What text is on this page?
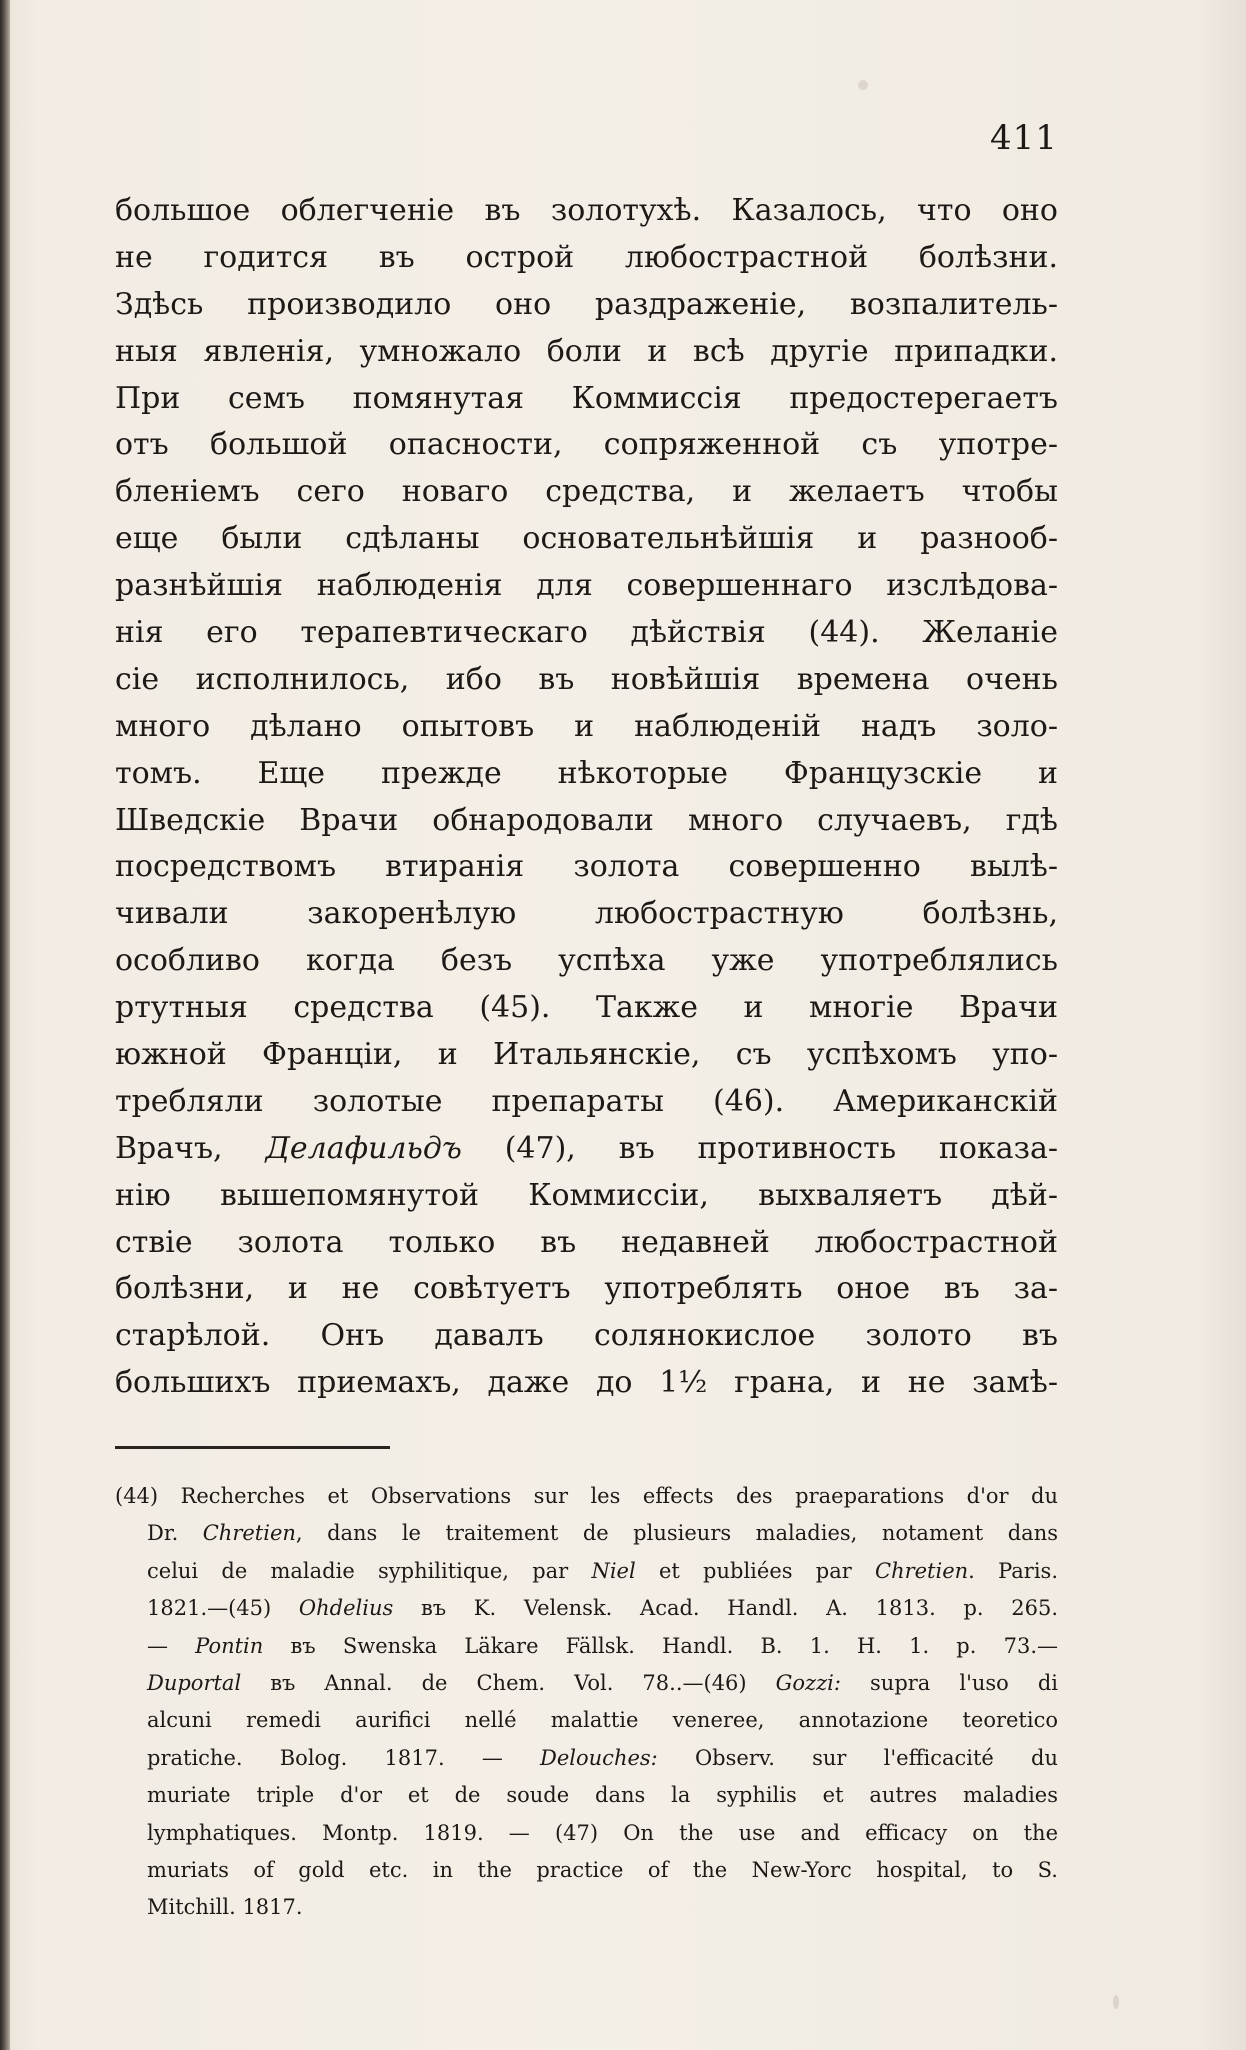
411
большое облегченіе въ золотухѣ. Казалось, что оно
не годится въ острой любострастной болѣзни.
Здѣсь производило оно раздраженіе, возпалитель-
ныя явленія, умножало боли и всѣ другіе припадки.
При семъ помянутая Коммиссія предостерегаетъ
отъ большой опасности, сопряженной съ употре-
бленіемъ сего новаго средства, и желаетъ чтобы
еще были сдѣланы основательнѣйшія и разнооб-
разнѣйшія наблюденія для совершеннаго изслѣдова-
нія его терапевтическаго дѣйствія (44). Желаніе
сіе исполнилось, ибо въ новѣйшія времена очень
много дѣлано опытовъ и наблюденій надъ золо-
томъ. Еще прежде нѣкоторые Французскіе и
Шведскіе Врачи обнародовали много случаевъ, гдѣ
посредствомъ втиранія золота совершенно вылѣ-
чивали закоренѣлую любострастную болѣзнь,
особливо когда безъ успѣха уже употреблялись
ртутныя средства (45). Также и многіе Врачи
южной Франціи, и Итальянскіе, съ успѣхомъ упо-
требляли золотые препараты (46). Американскій
Врачъ, Делафильдъ (47), въ противность показа-
нію вышепомянутой Коммиссіи, выхваляетъ дѣй-
ствіе золота только въ недавней любострастной
болѣзни, и не совѣтуетъ употреблять оное въ за-
старѣлой. Онъ давалъ солянокислое золото въ
большихъ приемахъ, даже до 1½ грана, и не замѣ-
(44) Recherches et Observations sur les effects des praeparations d'or du
Dr. Chretien, dans le traitement de plusieurs maladies, notament dans
celui de maladie syphilitique, par Niel et publiées par Chretien. Paris.
1821.—(45) Ohdelius въ K. Velensk. Acad. Handl. A. 1813. p. 265.
— Pontin въ Swenska Läkare Fällsk. Handl. B. 1. H. 1. p. 73.—
Duportal въ Annal. de Chem. Vol. 78..—(46) Gozzi: supra l'uso di
alcuni remedi aurifici nellé malattie veneree, annotazione teoretico
pratiche. Bolog. 1817. — Delouches: Observ. sur l'efficacité du
muriate triple d'or et de soude dans la syphilis et autres maladies
lymphatiques. Montp. 1819. — (47) On the use and efficacy on the
muriats of gold etc. in the practice of the New-Yorc hospital, to S.
Mitchill. 1817.
